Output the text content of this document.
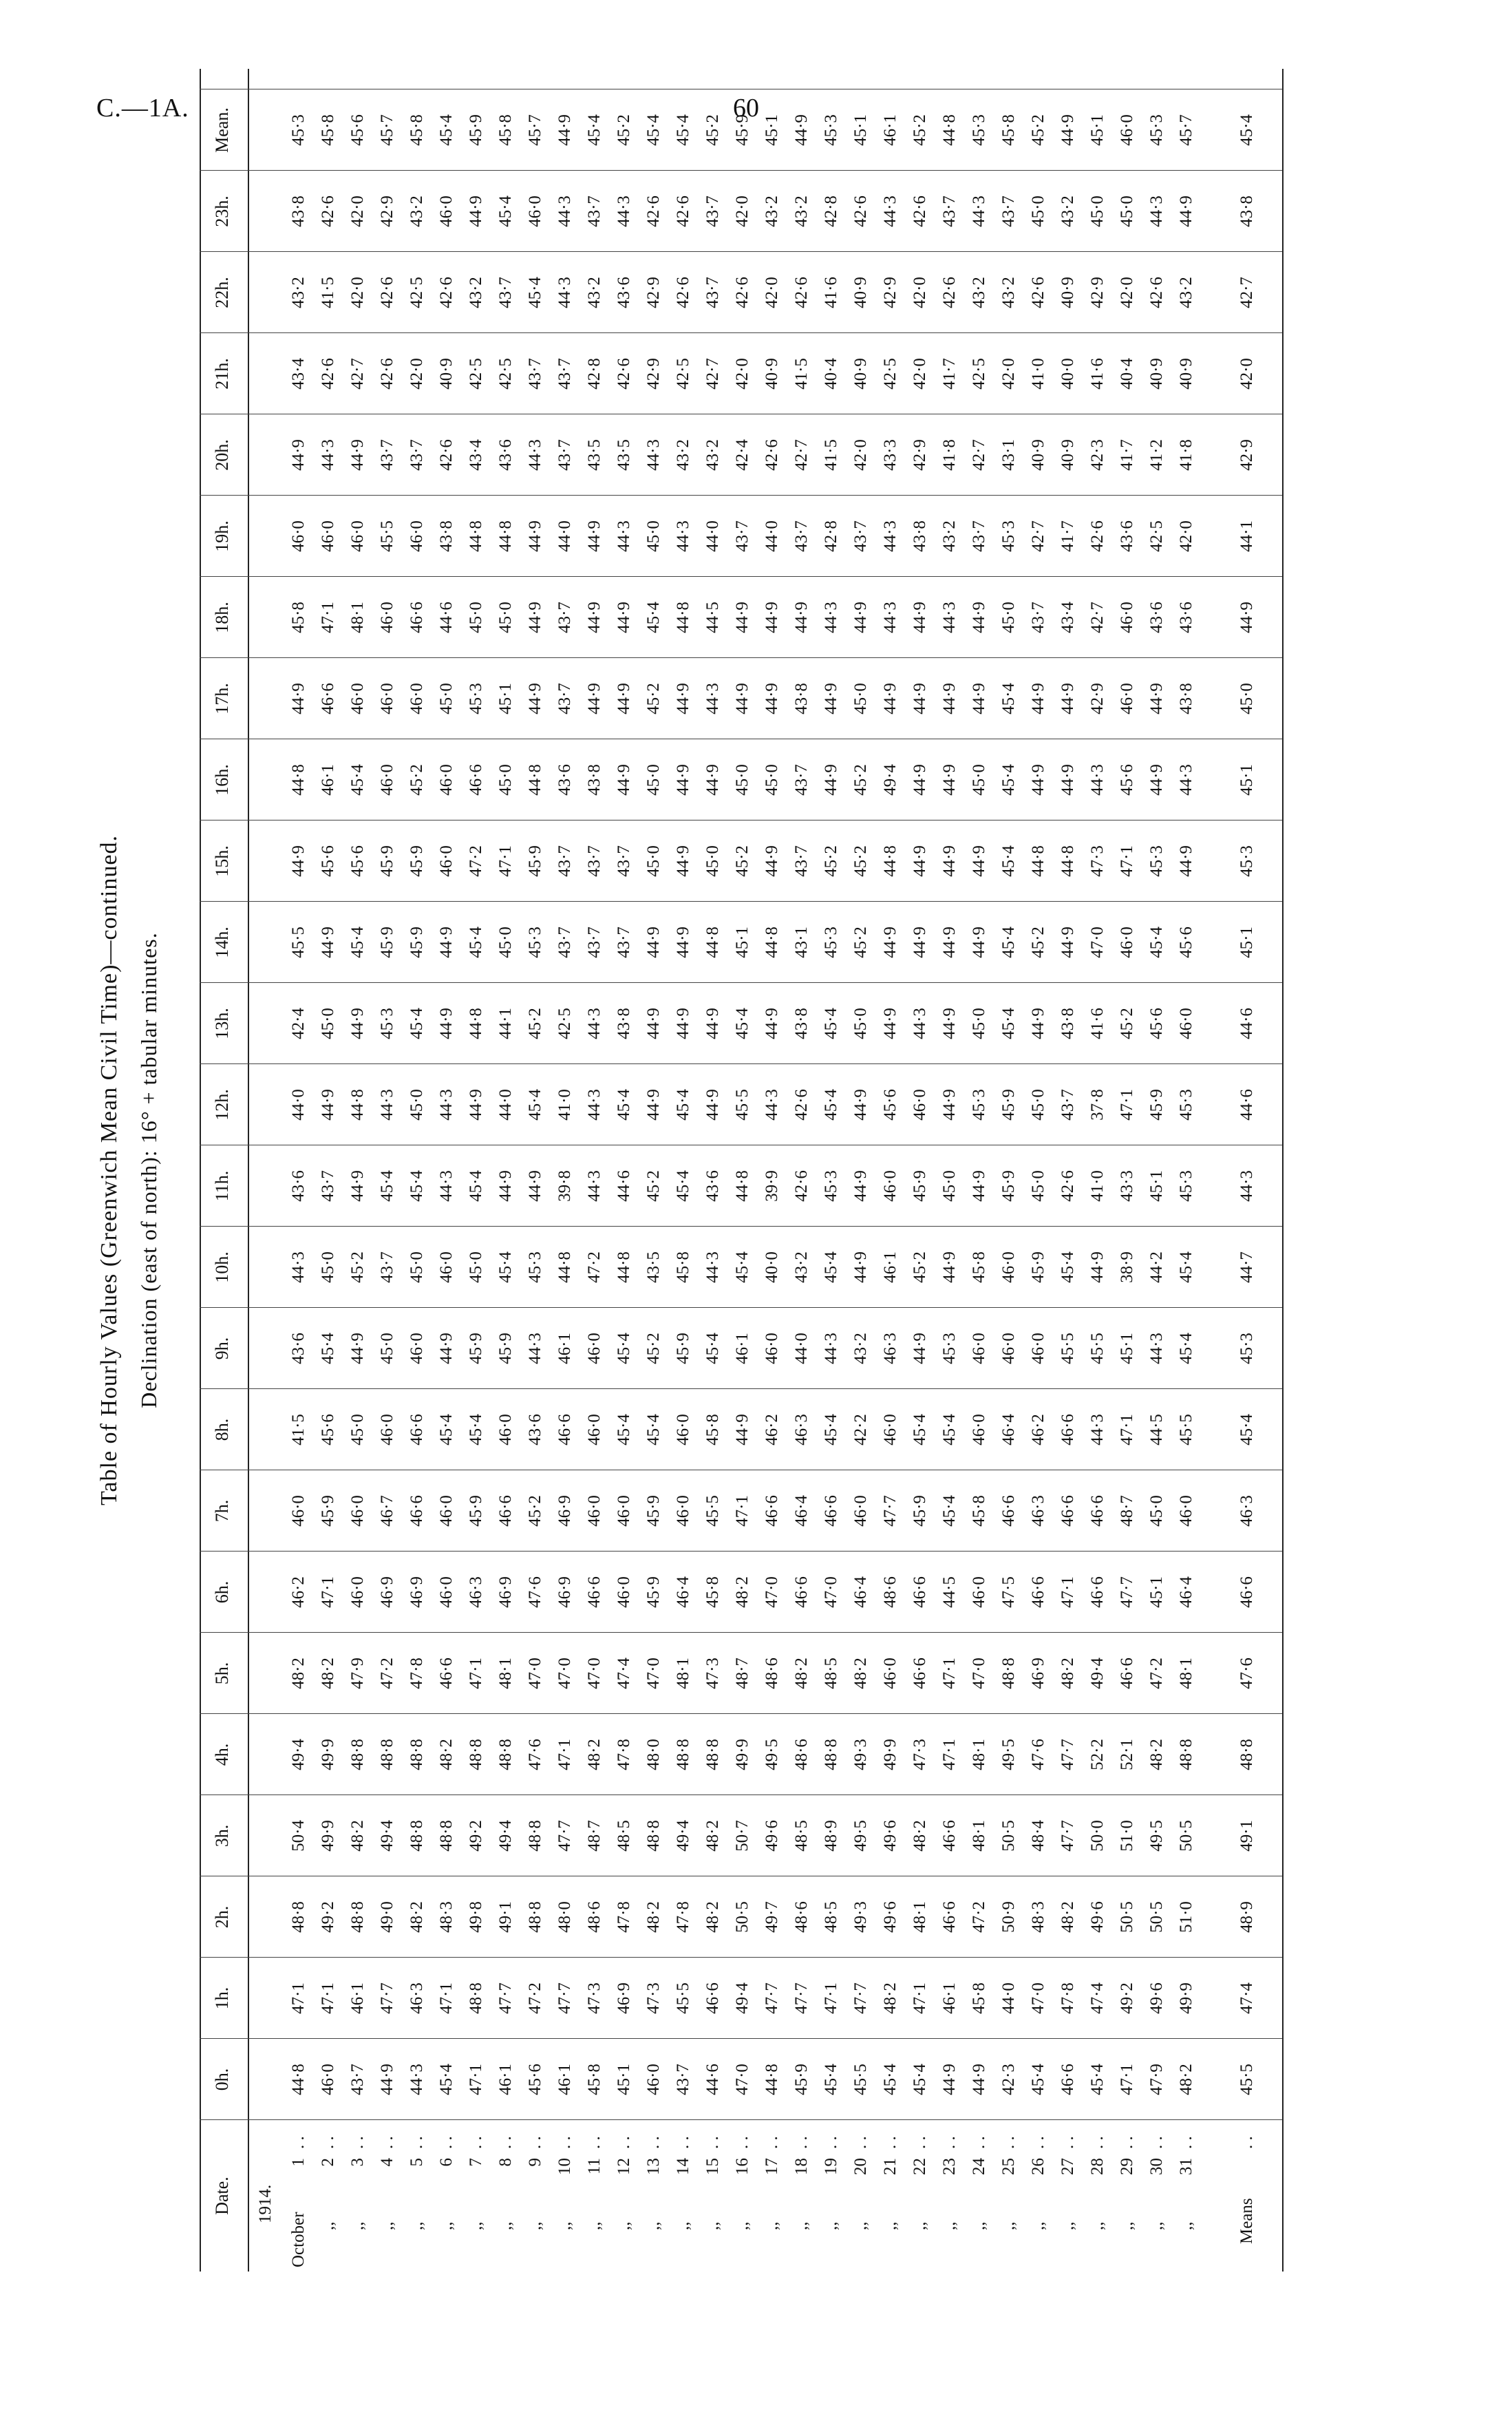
C.—1A.	60
Table of Hourly Values (Greenwich Mean Civil Time)—continued. Declination (east of north): 16° + tabular minutes.
Date.
0h.
1h.
2h.
3h.
4h.
5h.
6h.
7h.
8h.
9h.
10h.
11h.
12h.
13h.
14h.
15h.
16h.
17h.
18h.
19h.
20h.
21h.
22h.
23h.
Mean.
1914.
October
1
. .
44·8
47·1
48·8
50·4
49·4
48·2
46·2
46·0
41·5
43·6
44·3
43·6
44·0
42·4
45·5
44·9
44·8
44·9
45·8
46·0
44·9
43·4
43·2
43·8
45·3
,,
2
. .
46·0
47·1
49·2
49·9
49·9
48·2
47·1
45·9
45·6
45·4
45·0
43·7
44·9
45·0
44·9
45·6
46·1
46·6
47·1
46·0
44·3
42·6
41·5
42·6
45·8
,,
3
. .
43·7
46·1
48·8
48·2
48·8
47·9
46·0
46·0
45·0
44·9
45·2
44·9
44·8
44·9
45·4
45·6
45·4
46·0
48·1
46·0
44·9
42·7
42·0
42·0
45·6
,,
4
. .
44·9
47·7
49·0
49·4
48·8
47·2
46·9
46·7
46·0
45·0
43·7
45·4
44·3
45·3
45·9
45·9
46·0
46·0
46·0
45·5
43·7
42·6
42·6
42·9
45·7
,,
5
. .
44·3
46·3
48·2
48·8
48·8
47·8
46·9
46·6
46·6
46·0
45·0
45·4
45·0
45·4
45·9
45·9
45·2
46·0
46·6
46·0
43·7
42·0
42·5
43·2
45·8
,,
6
. .
45·4
47·1
48·3
48·8
48·2
46·6
46·0
46·0
45·4
44·9
46·0
44·3
44·3
44·9
44·9
46·0
46·0
45·0
44·6
43·8
42·6
40·9
42·6
46·0
45·4
,,
7
. .
47·1
48·8
49·8
49·2
48·8
47·1
46·3
45·9
45·4
45·9
45·0
45·4
44·9
44·8
45·4
47·2
46·6
45·3
45·0
44·8
43·4
42·5
43·2
44·9
45·9
,,
8
. .
46·1
47·7
49·1
49·4
48·8
48·1
46·9
46·6
46·0
45·9
45·4
44·9
44·0
44·1
45·0
47·1
45·0
45·1
45·0
44·8
43·6
42·5
43·7
45·4
45·8
,,
9
. .
45·6
47·2
48·8
48·8
47·6
47·0
47·6
45·2
43·6
44·3
45·3
44·9
45·4
45·2
45·3
45·9
44·8
44·9
44·9
44·9
44·3
43·7
45·4
46·0
45·7
,,
10
. .
46·1
47·7
48·0
47·7
47·1
47·0
46·9
46·9
46·6
46·1
44·8
39·8
41·0
42·5
43·7
43·7
43·6
43·7
43·7
44·0
43·7
43·7
44·3
44·3
44·9
,,
11
. .
45·8
47·3
48·6
48·7
48·2
47·0
46·6
46·0
46·0
46·0
47·2
44·3
44·3
44·3
43·7
43·7
43·8
44·9
44·9
44·9
43·5
42·8
43·2
43·7
45·4
,,
12
. .
45·1
46·9
47·8
48·5
47·8
47·4
46·0
46·0
45·4
45·4
44·8
44·6
45·4
43·8
43·7
43·7
44·9
44·9
44·9
44·3
43·5
42·6
43·6
44·3
45·2
,,
13
. .
46·0
47·3
48·2
48·8
48·0
47·0
45·9
45·9
45·4
45·2
43·5
45·2
44·9
44·9
44·9
45·0
45·0
45·2
45·4
45·0
44·3
42·9
42·9
42·6
45·4
,,
14
. .
43·7
45·5
47·8
49·4
48·8
48·1
46·4
46·0
46·0
45·9
45·8
45·4
45·4
44·9
44·9
44·9
44·9
44·9
44·8
44·3
43·2
42·5
42·6
42·6
45·4
,,
15
. .
44·6
46·6
48·2
48·2
48·8
47·3
45·8
45·5
45·8
45·4
44·3
43·6
44·9
44·9
44·8
45·0
44·9
44·3
44·5
44·0
43·2
42·7
43·7
43·7
45·2
,,
16
. .
47·0
49·4
50·5
50·7
49·9
48·7
48·2
47·1
44·9
46·1
45·4
44·8
45·5
45·4
45·1
45·2
45·0
44·9
44·9
43·7
42·4
42·0
42·6
42·0
45·9
,,
17
. .
44·8
47·7
49·7
49·6
49·5
48·6
47·0
46·6
46·2
46·0
40·0
39·9
44·3
44·9
44·8
44·9
45·0
44·9
44·9
44·0
42·6
40·9
42·0
43·2
45·1
,,
18
. .
45·9
47·7
48·6
48·5
48·6
48·2
46·6
46·4
46·3
44·0
43·2
42·6
42·6
43·8
43·1
43·7
43·7
43·8
44·9
43·7
42·7
41·5
42·6
43·2
44·9
,,
19
. .
45·4
47·1
48·5
48·9
48·8
48·5
47·0
46·6
45·4
44·3
45·4
45·3
45·4
45·4
45·3
45·2
44·9
44·9
44·3
42·8
41·5
40·4
41·6
42·8
45·3
,,
20
. .
45·5
47·7
49·3
49·5
49·3
48·2
46·4
46·0
42·2
43·2
44·9
44·9
44·9
45·0
45·2
45·2
45·2
45·0
44·9
43·7
42·0
40·9
40·9
42·6
45·1
,,
21
. .
45·4
48·2
49·6
49·6
49·9
46·0
48·6
47·7
46·0
46·3
46·1
46·0
45·6
44·9
44·9
44·8
49·4
44·9
44·3
44·3
43·3
42·5
42·9
44·3
46·1
,,
22
. .
45·4
47·1
48·1
48·2
47·3
46·6
46·6
45·9
45·4
44·9
45·2
45·9
46·0
44·3
44·9
44·9
44·9
44·9
44·9
43·8
42·9
42·0
42·0
42·6
45·2
,,
23
. .
44·9
46·1
46·6
46·6
47·1
47·1
44·5
45·4
45·4
45·3
44·9
45·0
44·9
44·9
44·9
44·9
44·9
44·9
44·3
43·2
41·8
41·7
42·6
43·7
44·8
,,
24
. .
44·9
45·8
47·2
48·1
48·1
47·0
46·0
45·8
46·0
46·0
45·8
44·9
45·3
45·0
44·9
44·9
45·0
44·9
44·9
43·7
42·7
42·5
43·2
44·3
45·3
,,
25
. .
42·3
44·0
50·9
50·5
49·5
48·8
47·5
46·6
46·4
46·0
46·0
45·9
45·9
45·4
45·4
45·4
45·4
45·4
45·0
45·3
43·1
42·0
43·2
43·7
45·8
,,
26
. .
45·4
47·0
48·3
48·4
47·6
46·9
46·6
46·3
46·2
46·0
45·9
45·0
45·0
44·9
45·2
44·8
44·9
44·9
43·7
42·7
40·9
41·0
42·6
45·0
45·2
,,
27
. .
46·6
47·8
48·2
47·7
47·7
48·2
47·1
46·6
46·6
45·5
45·4
42·6
43·7
43·8
44·9
44·8
44·9
44·9
43·4
41·7
40·9
40·0
40·9
43·2
44·9
,,
28
. .
45·4
47·4
49·6
50·0
52·2
49·4
46·6
46·6
44·3
45·5
44·9
41·0
37·8
41·6
47·0
47·3
44·3
42·9
42·7
42·6
42·3
41·6
42·9
45·0
45·1
,,
29
. .
47·1
49·2
50·5
51·0
52·1
46·6
47·7
48·7
47·1
45·1
38·9
43·3
47·1
45·2
46·0
47·1
45·6
46·0
46·0
43·6
41·7
40·4
42·0
45·0
46·0
,,
30
. .
47·9
49·6
50·5
49·5
48·2
47·2
45·1
45·0
44·5
44·3
44·2
45·1
45·9
45·6
45·4
45·3
44·9
44·9
43·6
42·5
41·2
40·9
42·6
44·3
45·3
,,
31
. .
48·2
49·9
51·0
50·5
48·8
48·1
46·4
46·0
45·5
45·4
45·4
45·3
45·3
46·0
45·6
44·9
44·3
43·8
43·6
42·0
41·8
40·9
43·2
44·9
45·7
Means
. .
45·5
47·4
48·9
49·1
48·8
47·6
46·6
46·3
45·4
45·3
44·7
44·3
44·6
44·6
45·1
45·3
45·1
45·0
44·9
44·1
42·9
42·0
42·7
43·8
45·4
